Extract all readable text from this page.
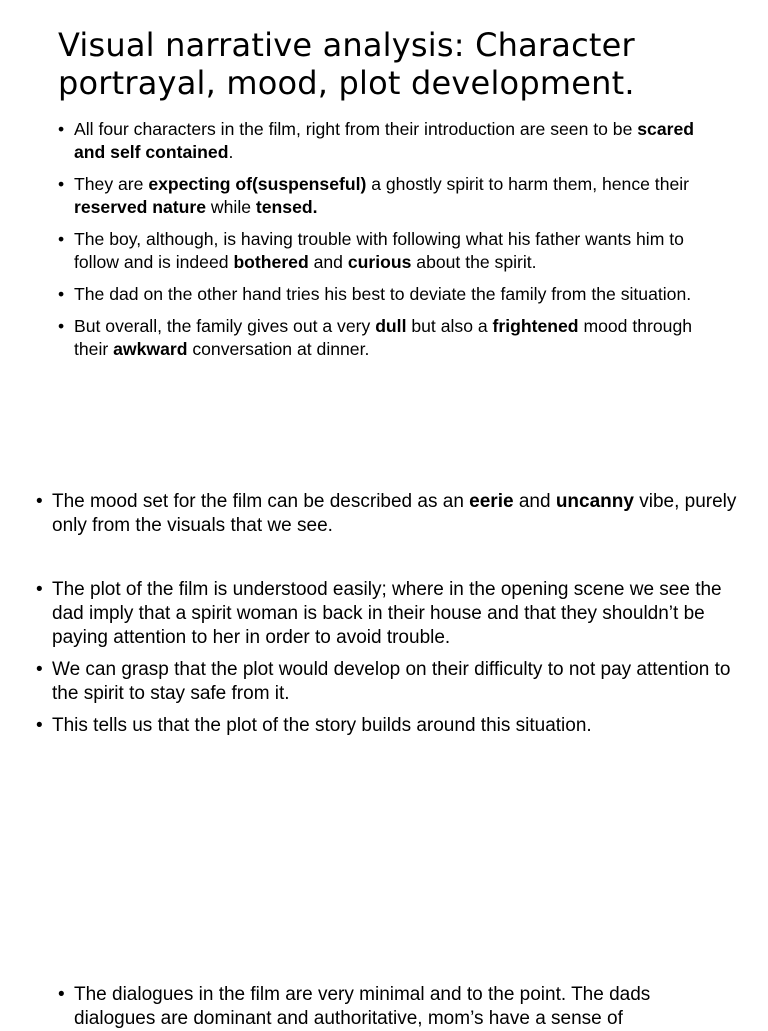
Visual narrative analysis: Character portrayal, mood, plot development.
• All four characters in the film, right from their introduction are seen to be scared and self contained.
• They are expecting of(suspenseful) a ghostly spirit to harm them, hence their reserved nature while tensed.
• The boy, although, is having trouble with following what his father wants him to follow and is indeed bothered and curious about the spirit.
• The dad on the other hand tries his best to deviate the family from the situation.
• But overall, the family gives out a very dull but also a frightened mood through their awkward conversation at dinner.
• The mood set for the film can be described as an eerie and uncanny vibe, purely only from the visuals that we see.
• The plot of the film is understood easily; where in the opening scene we see the dad imply that a spirit woman is back in their house and that they shouldn’t be paying attention to her in order to avoid trouble.
• We can grasp that the plot would develop on their difficulty to not pay attention to the spirit to stay safe from it.
• This tells us that the plot of the story builds around this situation.
• The dialogues in the film are very minimal and to the point. The dads dialogues are dominant and authoritative, mom’s have a sense of
